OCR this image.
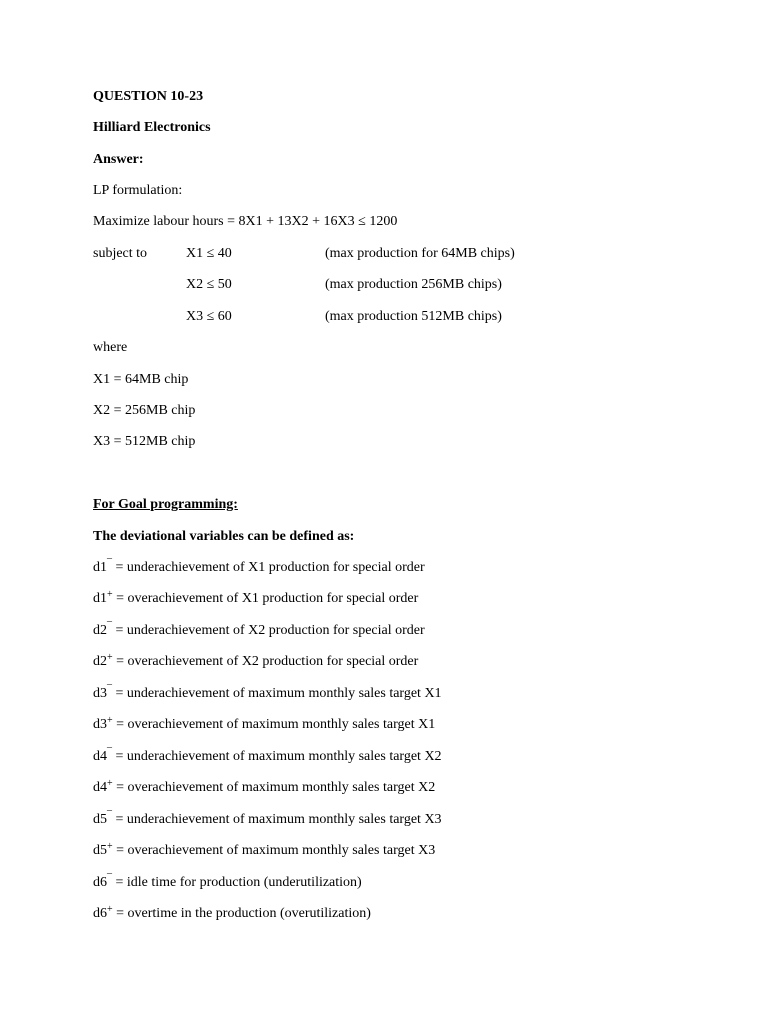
QUESTION 10-23
Hilliard Electronics
Answer:
LP formulation:
Maximize labour hours = 8X1 + 13X2 + 16X3 ≤ 1200
subject to	X1 ≤ 40	(max production for 64MB chips)
X2 ≤ 50	(max production 256MB chips)
X3 ≤ 60	(max production 512MB chips)
where
X1 = 64MB chip
X2 = 256MB chip
X3 = 512MB chip
For Goal programming:
The deviational variables can be defined as:
d1¯ = underachievement of X1 production for special order
d1+ = overachievement of X1 production for special order
d2¯ = underachievement of X2 production for special order
d2+ = overachievement of X2 production for special order
d3¯ = underachievement of maximum monthly sales target X1
d3+ = overachievement of maximum monthly sales target X1
d4¯ = underachievement of maximum monthly sales target X2
d4+ = overachievement of maximum monthly sales target X2
d5¯ = underachievement of maximum monthly sales target X3
d5+ = overachievement of maximum monthly sales target X3
d6¯ = idle time for production (underutilization)
d6+ = overtime in the production (overutilization)
